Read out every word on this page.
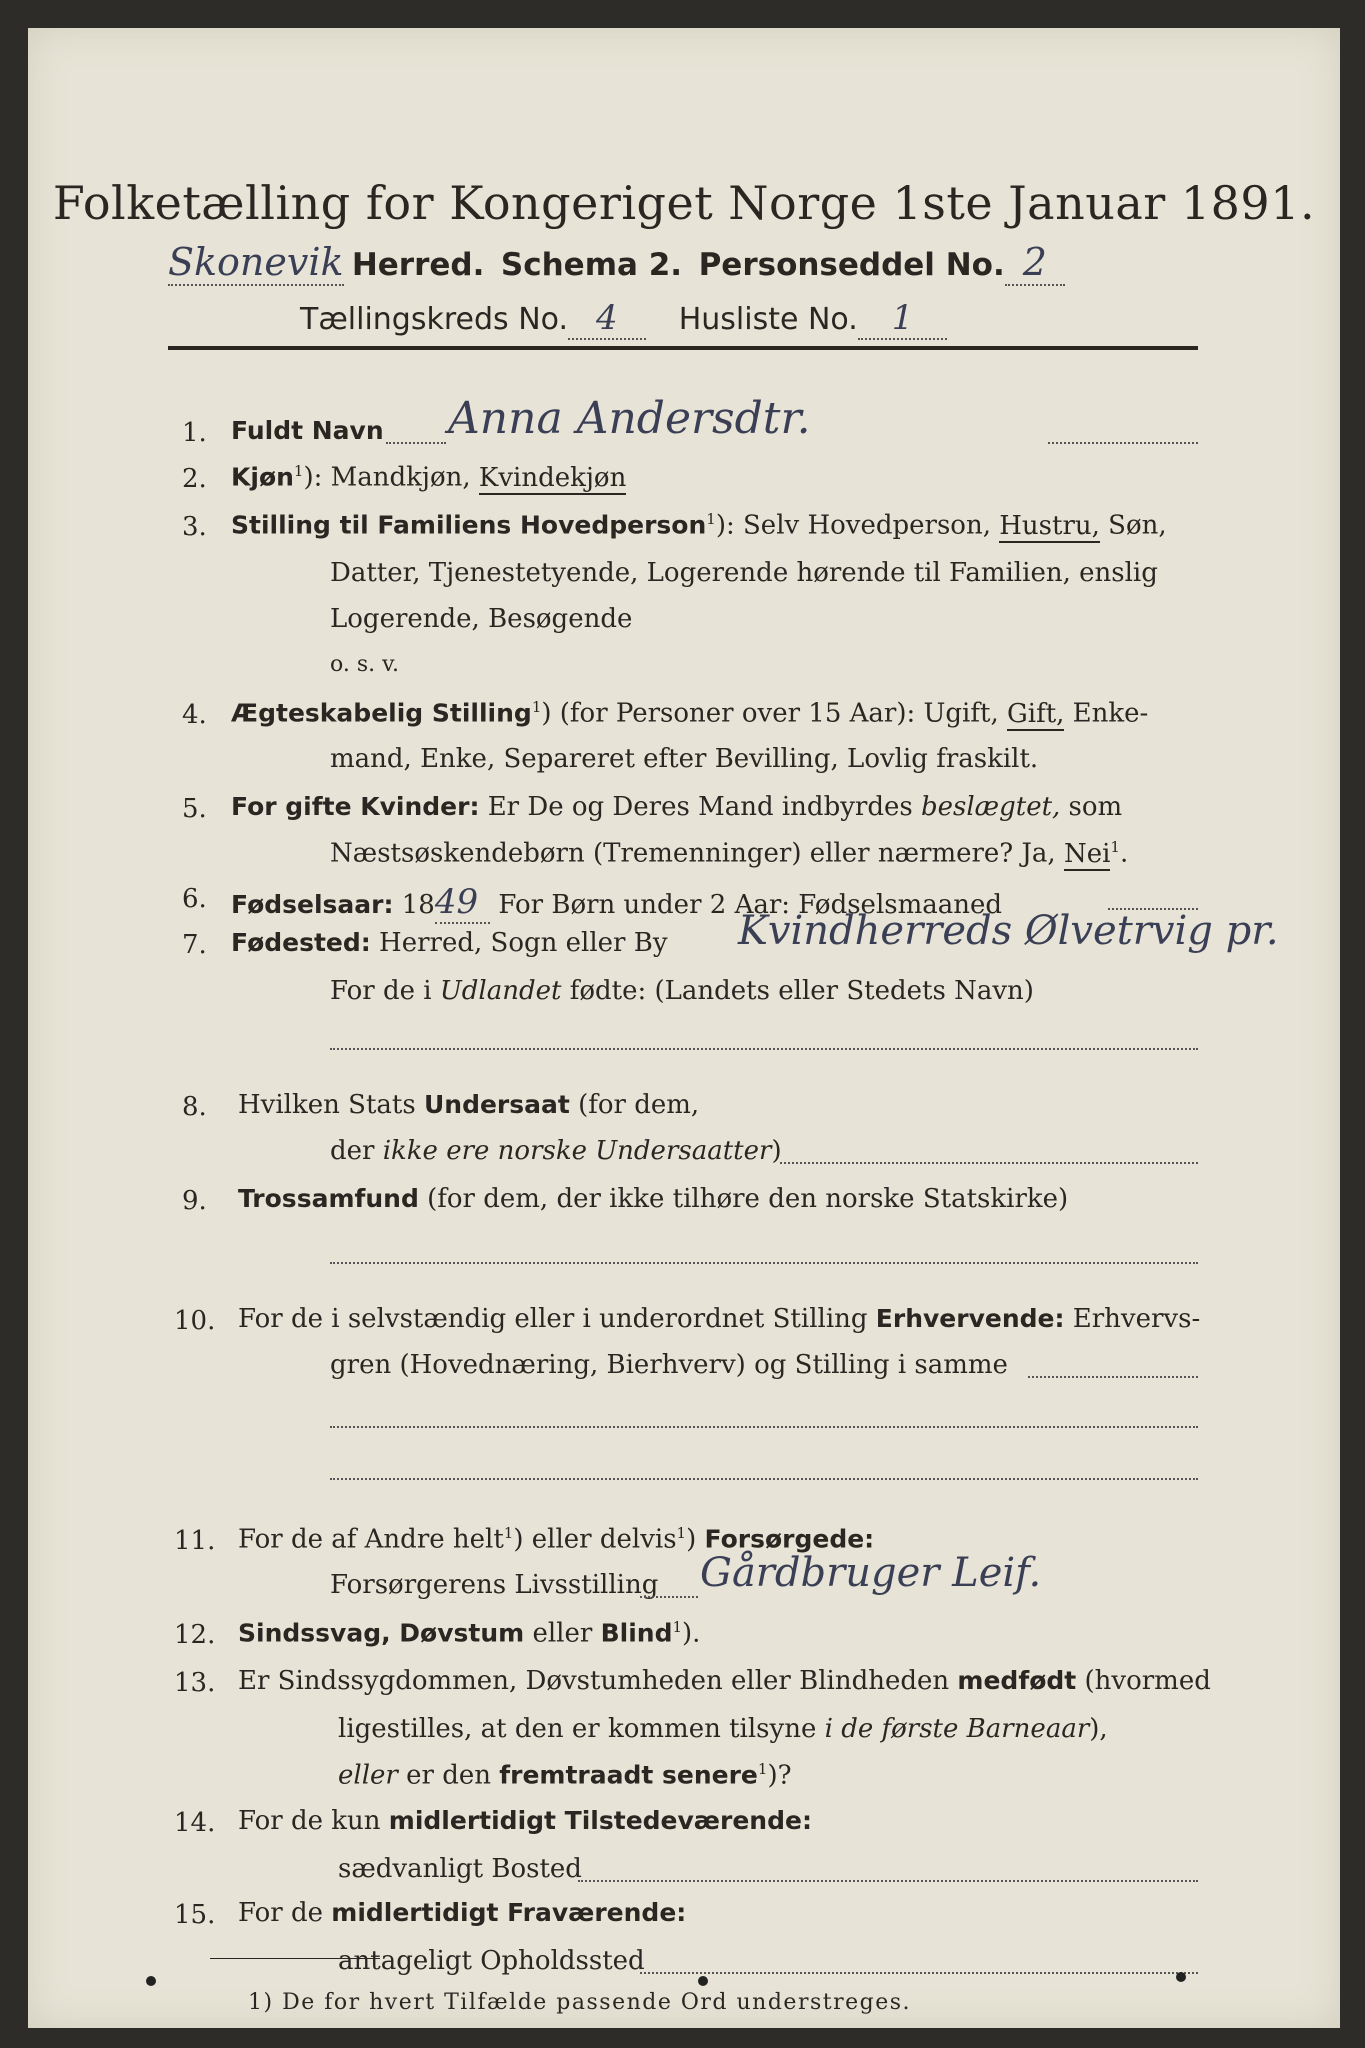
Folketælling for Kongeriget Norge 1ste Januar 1891.
Skonevik Herred. Schema 2. Personseddel No. 2
Tællingskreds No. 4 Husliste No. 1
1. Fuldt Navn Anna Andersdtr.
2. Kjøn$^1$): Mandkjøn, Kvindekjøn
3. Stilling til Familiens Hovedperson$^1$): Selv Hovedperson, Hustru, Søn,
Datter, Tjenestetyende, Logerende hørende til Familien, enslig
Logerende, Besøgende
o. s. v.
4. Ægteskabelig Stilling$^1$) (for Personer over 15 Aar): Ugift, Gift, Enke-
mand, Enke, Separeret efter Bevilling, Lovlig fraskilt.
5. For gifte Kvinder: Er De og Deres Mand indbyrdes beslægtet, som
Næstsøskendebørn (Tremenninger) eller nærmere? Ja, Nei$^1$.
6. Fødselsaar: 1849 For Børn under 2 Aar: Fødselsmaaned
7. Fødested: Herred, Sogn eller By Kvindherreds Ølvetrvig pr.
For de i Udlandet fødte: (Landets eller Stedets Navn)
8. Hvilken Stats Undersaat (for dem,
der ikke ere norske Undersaatter)
9. Trossamfund (for dem, der ikke tilhøre den norske Statskirke)
10. For de i selvstændig eller i underordnet Stilling Erhvervende: Erhvervs-
gren (Hovednæring, Bierhverv) og Stilling i samme
11. For de af Andre helt$^1$) eller delvis$^1$) Forsørgede:
Forsørgerens Livsstilling Gårdbruger Leif.
12. Sindssvag, Døvstum eller Blind$^1$).
13. Er Sindssygdommen, Døvstumheden eller Blindheden medfødt (hvormed
ligestilles, at den er kommen tilsyne i de første Barneaar),
eller er den fremtraadt senere$^1$)?
14. For de kun midlertidigt Tilstedeværende:
sædvanligt Bosted
15. For de midlertidigt Fraværende:
antageligt Opholdssted
1) De for hvert Tilfælde passende Ord understreges.
